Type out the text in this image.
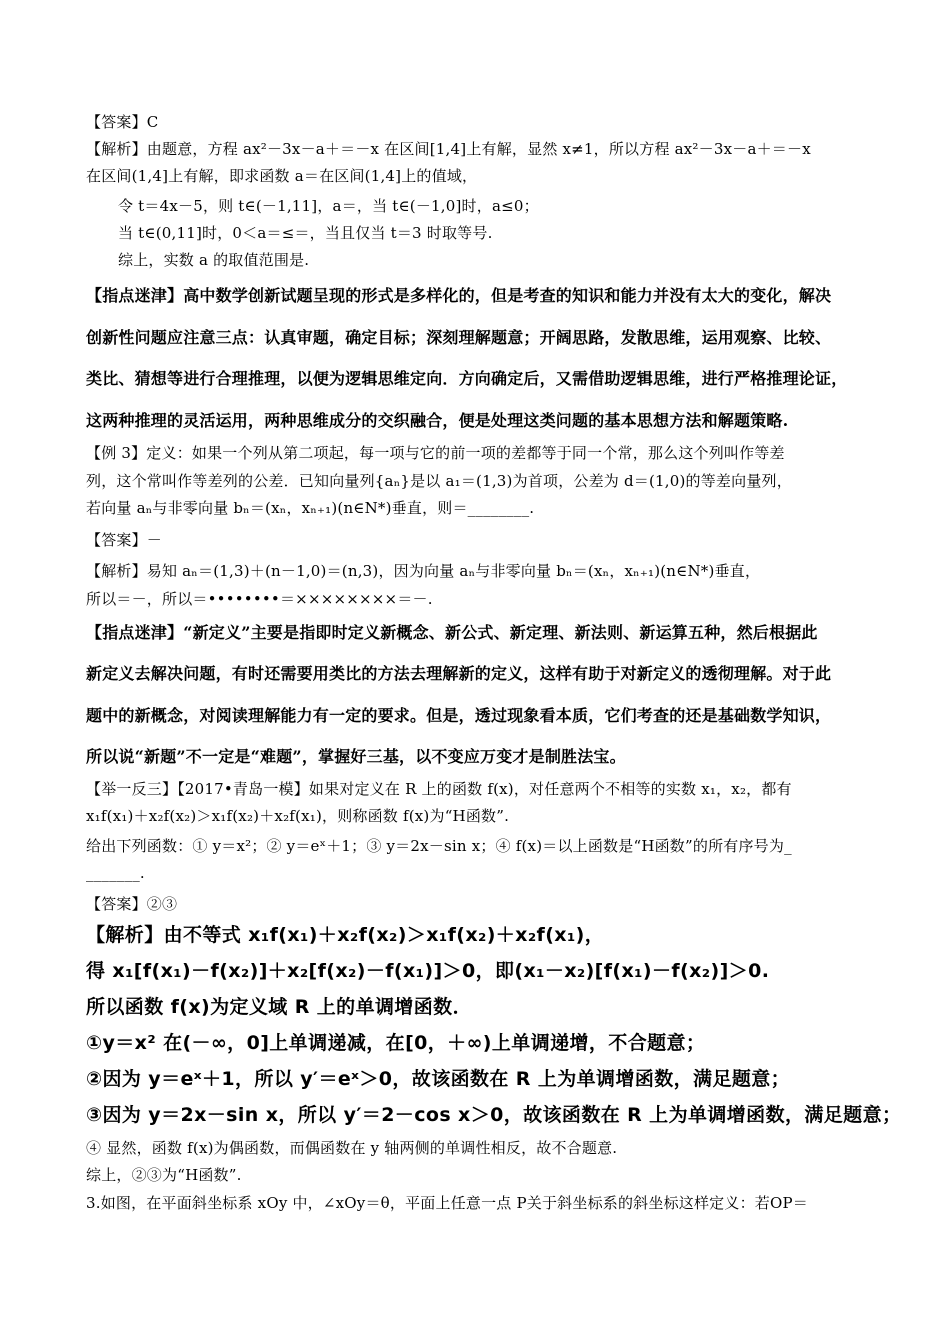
【答案】C
【解析】由题意，方程 ax²－3x－a＋＝－x 在区间[1,4]上有解，显然 x≠1，所以方程 ax²－3x－a＋＝－x
在区间(1,4]上有解，即求函数 a＝在区间(1,4]上的值域，
令 t＝4x－5，则 t∈(－1,11]，a＝，当 t∈(－1,0]时，a≤0；
当 t∈(0,11]时，0＜a＝≤＝，当且仅当 t＝3 时取等号.
综上，实数 a 的取值范围是.
【指点迷津】高中数学创新试题呈现的形式是多样化的，但是考查的知识和能力并没有太大的变化，解决
创新性问题应注意三点：认真审题，确定目标；深刻理解题意；开阔思路，发散思维，运用观察、比较、
类比、猜想等进行合理推理，以便为逻辑思维定向．方向确定后，又需借助逻辑思维，进行严格推理论证，
这两种推理的灵活运用，两种思维成分的交织融合，便是处理这类问题的基本思想方法和解题策略.
【例 3】定义：如果一个列从第二项起，每一项与它的前一项的差都等于同一个常，那么这个列叫作等差
列，这个常叫作等差列的公差．已知向量列{aₙ}是以 a₁＝(1,3)为首项，公差为 d＝(1,0)的等差向量列，
若向量 aₙ与非零向量 bₙ＝(xₙ，xₙ₊₁)(n∈N*)垂直，则＝________.
【答案】－
【解析】易知 aₙ＝(1,3)＋(n－1,0)＝(n,3)，因为向量 aₙ与非零向量 bₙ＝(xₙ，xₙ₊₁)(n∈N*)垂直，
所以＝－，所以＝••••••••＝××××××××＝－.
【指点迷津】“新定义”主要是指即时定义新概念、新公式、新定理、新法则、新运算五种，然后根据此
新定义去解决问题，有时还需要用类比的方法去理解新的定义，这样有助于对新定义的透彻理解。对于此
题中的新概念，对阅读理解能力有一定的要求。但是，透过现象看本质，它们考查的还是基础数学知识，
所以说“新题”不一定是“难题”，掌握好三基，以不变应万变才是制胜法宝。
【举一反三】【2017•青岛一模】如果对定义在 R 上的函数 f(x)，对任意两个不相等的实数 x₁，x₂，都有
x₁f(x₁)＋x₂f(x₂)＞x₁f(x₂)＋x₂f(x₁)，则称函数 f(x)为“H函数”.
给出下列函数：① y＝x²；② y＝eˣ＋1；③ y＝2x－sin x；④ f(x)＝以上函数是“H函数”的所有序号为_
_______.
【答案】②③
【解析】由不等式 x₁f(x₁)＋x₂f(x₂)＞x₁f(x₂)＋x₂f(x₁)，
得 x₁[f(x₁)－f(x₂)]＋x₂[f(x₂)－f(x₁)]＞0，即(x₁－x₂)[f(x₁)－f(x₂)]＞0.
所以函数 f(x)为定义域 R 上的单调增函数．
①y＝x² 在(－∞，0]上单调递减，在[0，＋∞)上单调递增，不合题意；
②因为 y＝eˣ＋1，所以 y′＝eˣ＞0，故该函数在 R 上为单调增函数，满足题意；
③因为 y＝2x－sin x，所以 y′＝2－cos x＞0，故该函数在 R 上为单调增函数，满足题意；
④ 显然，函数 f(x)为偶函数，而偶函数在 y 轴两侧的单调性相反，故不合题意.
综上，②③为“H函数”.
3.如图，在平面斜坐标系 xOy 中，∠xOy＝θ，平面上任意一点 P关于斜坐标系的斜坐标这样定义：若OP＝
